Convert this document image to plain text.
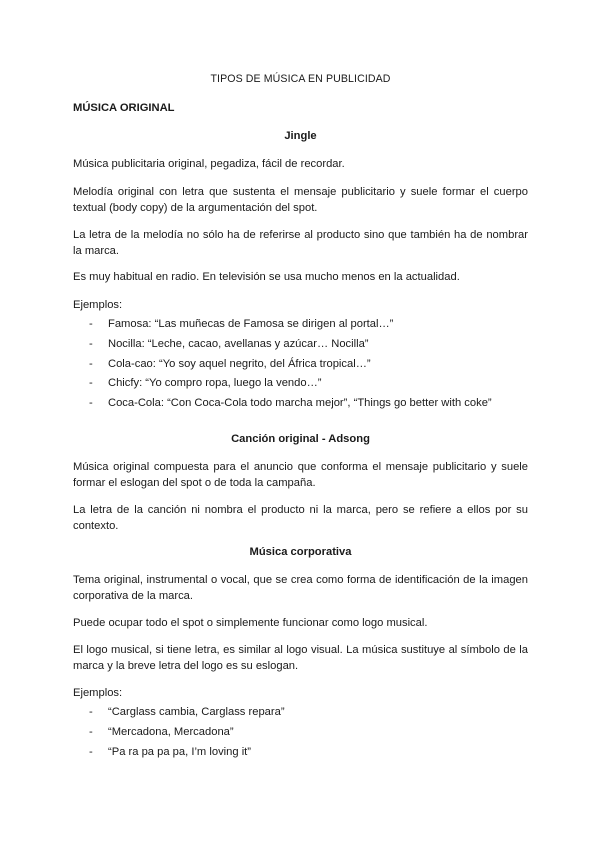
TIPOS DE MÚSICA EN PUBLICIDAD
MÚSICA ORIGINAL
Jingle
Música publicitaria original, pegadiza, fácil de recordar.
Melodía original con letra que sustenta el mensaje publicitario y suele formar el cuerpo textual (body copy) de la argumentación del spot.
La letra de la melodía no sólo ha de referirse al producto sino que también ha de nombrar la marca.
Es muy habitual en radio. En televisión se usa mucho menos en la actualidad.
Ejemplos:
- Famosa: “Las muñecas de Famosa se dirigen al portal…”
- Nocilla: “Leche, cacao, avellanas y azúcar… Nocilla”
- Cola-cao: “Yo soy aquel negrito, del África tropical…”
- Chicfy: “Yo compro ropa, luego la vendo…”
- Coca-Cola: “Con Coca-Cola todo marcha mejor”, “Things go better with coke”
Canción original - Adsong
Música original compuesta para el anuncio que conforma el mensaje publicitario y suele formar el eslogan del spot o de toda la campaña.
La letra de la canción ni nombra el producto ni la marca, pero se refiere a ellos por su contexto.
Música corporativa
Tema original, instrumental o vocal, que se crea como forma de identificación de la imagen corporativa de la marca.
Puede ocupar todo el spot o simplemente funcionar como logo musical.
El logo musical, si tiene letra, es similar al logo visual. La música sustituye al símbolo de la marca y la breve letra del logo es su eslogan.
Ejemplos:
- “Carglass cambia, Carglass repara”
- “Mercadona, Mercadona”
- “Pa ra pa pa pa, I’m loving it”
